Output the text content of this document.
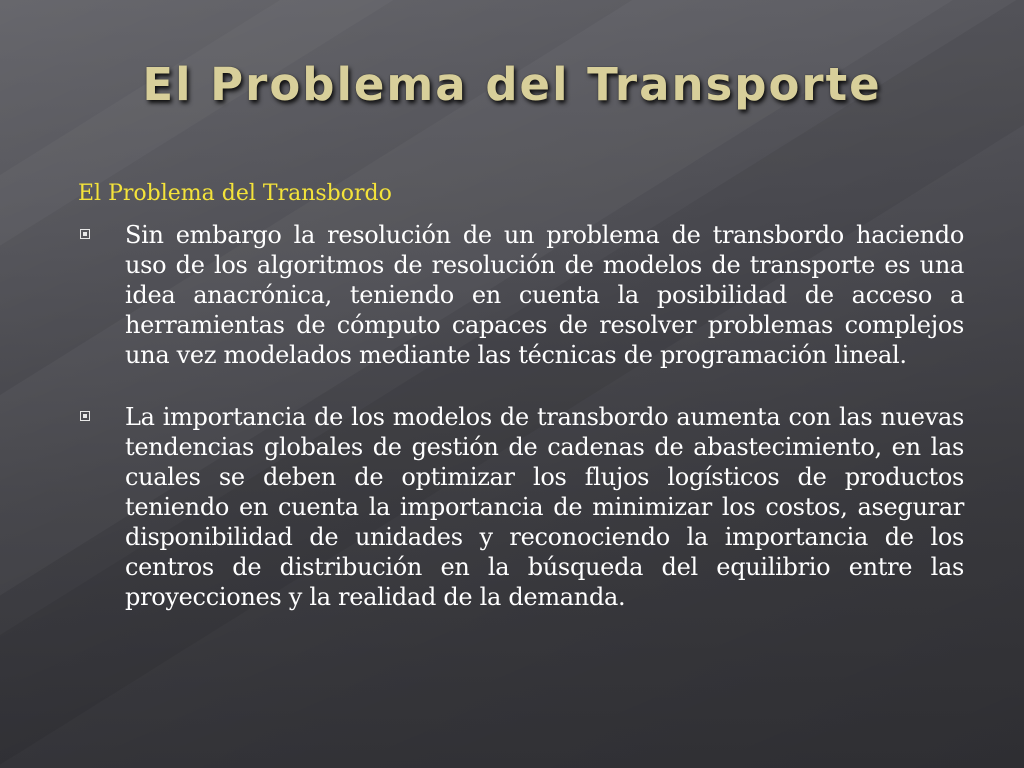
El Problema del Transporte

El Problema del Transbordo

Sin embargo la resolución de un problema de transbordo haciendo uso de los algoritmos de resolución de modelos de transporte es una idea anacrónica, teniendo en cuenta la posibilidad de acceso a herramientas de cómputo capaces de resolver problemas complejos una vez modelados mediante las técnicas de programación lineal.
La importancia de los modelos de transbordo aumenta con las nuevas tendencias globales de gestión de cadenas de abastecimiento, en las cuales se deben de optimizar los flujos logísticos de productos teniendo en cuenta la importancia de minimizar los costos, asegurar disponibilidad de unidades y reconociendo la importancia de los centros de distribución en la búsqueda del equilibrio entre las proyecciones y la realidad de la demanda.
